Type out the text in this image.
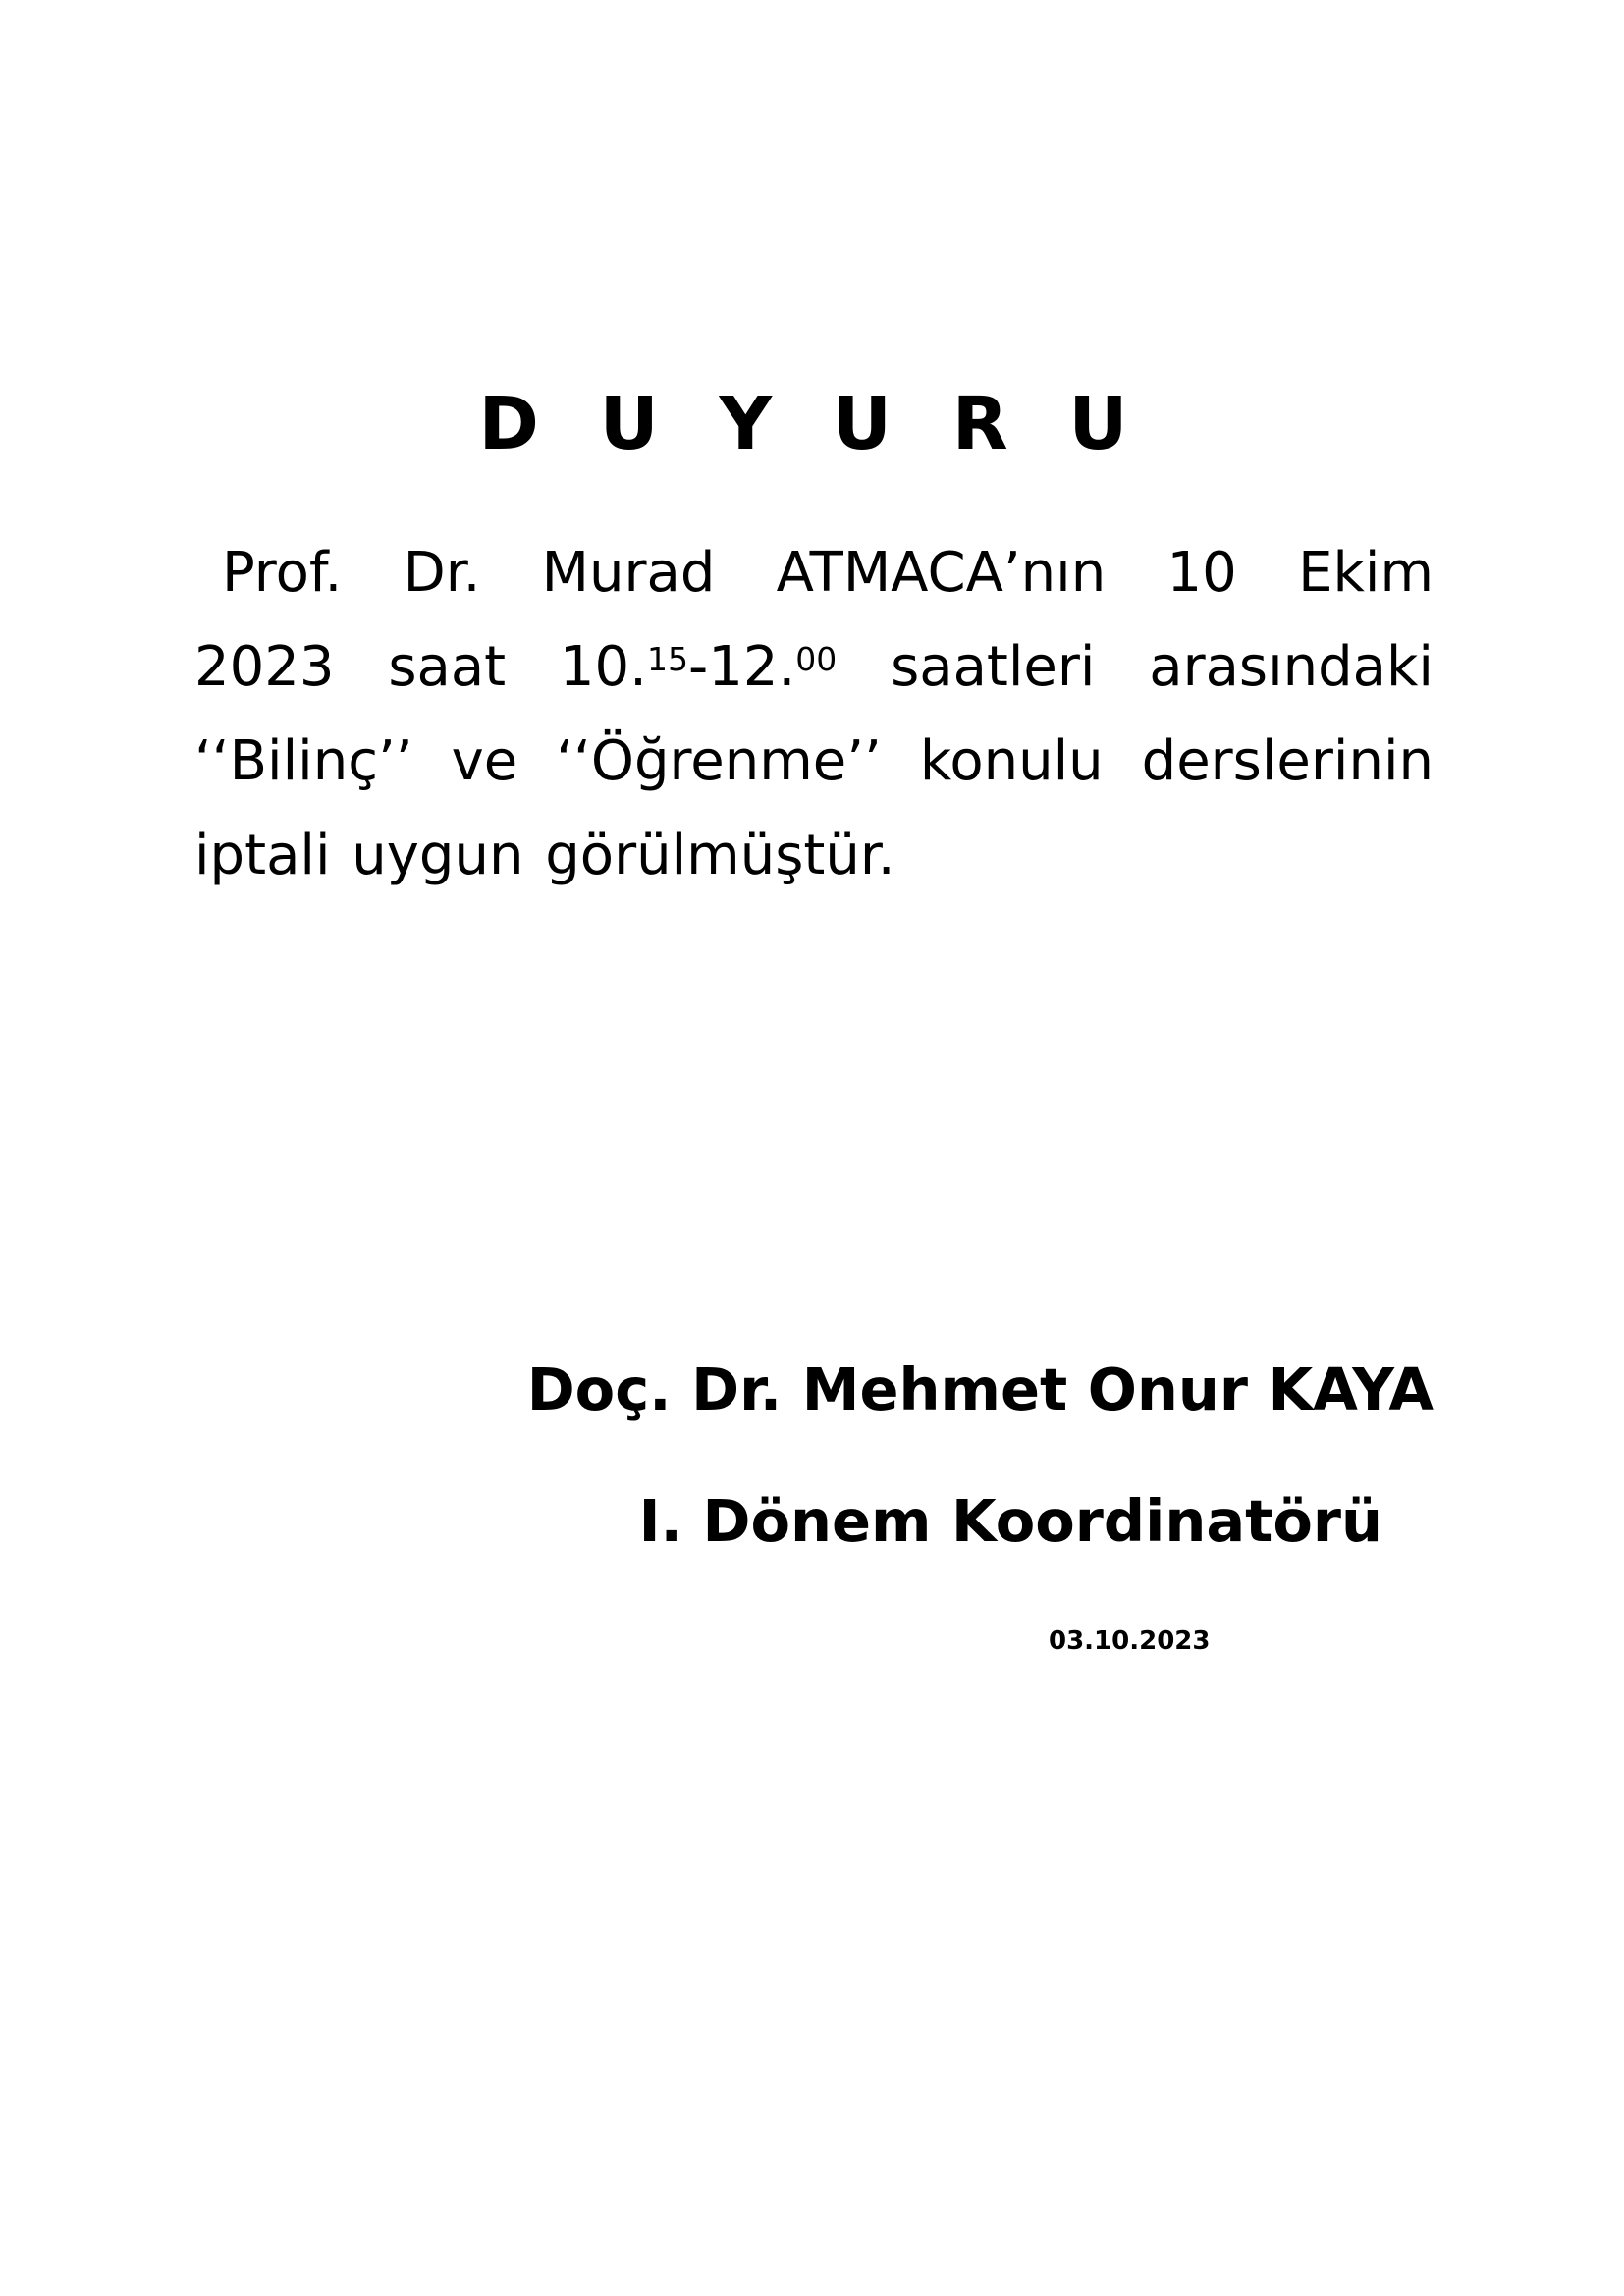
D U Y U R U
Prof. Dr. Murad ATMACA’nın 10 Ekim
2023 saat 10.15-12.00 saatleri arasındaki
‘‘Bilinç’’ ve ‘‘Öğrenme’’ konulu derslerinin
iptali uygun görülmüştür.

Doç. Dr. Mehmet Onur KAYA

I. Dönem Koordinatörü

03.10.2023
